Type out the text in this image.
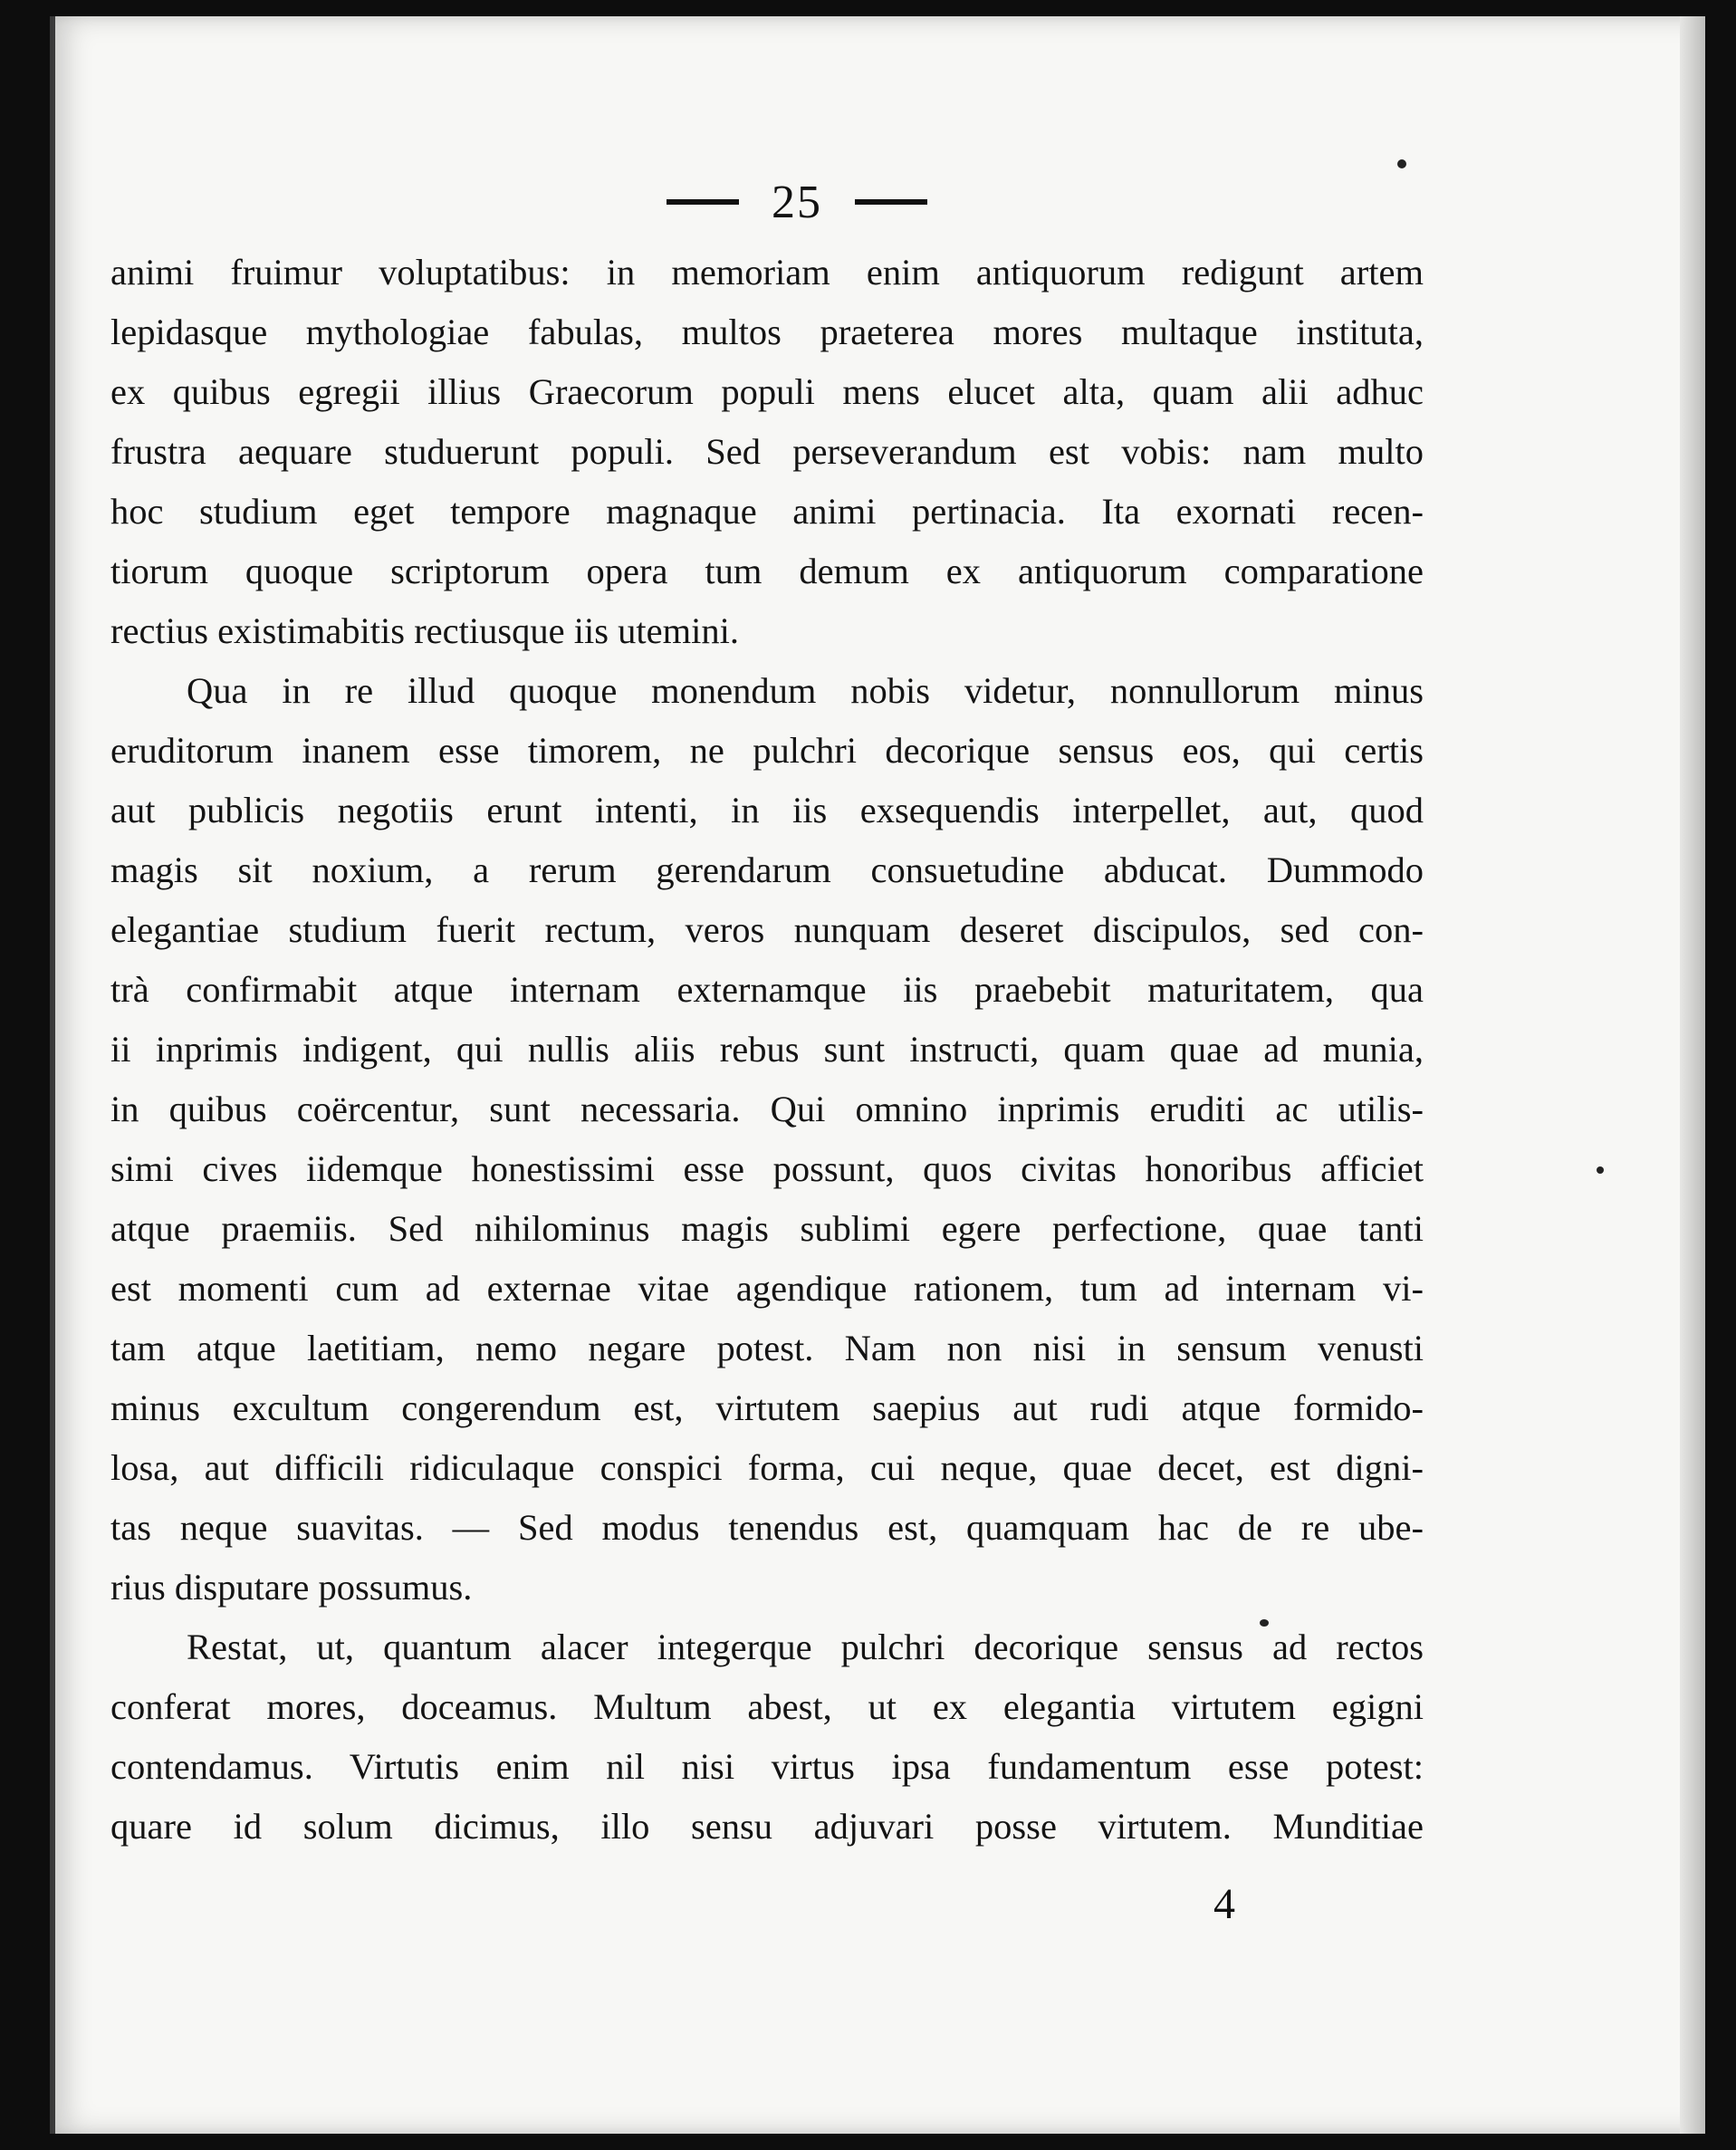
25

animi fruimur voluptatibus: in memoriam enim antiquorum redigunt artem
lepidasque mythologiae fabulas, multos praeterea mores multaque instituta,
ex quibus egregii illius Graecorum populi mens elucet alta, quam alii adhuc
frustra aequare studuerunt populi. Sed perseverandum est vobis: nam multo
hoc studium eget tempore magnaque animi pertinacia. Ita exornati recen-
tiorum quoque scriptorum opera tum demum ex antiquorum comparatione
rectius existimabitis rectiusque iis utemini.

Qua in re illud quoque monendum nobis videtur, nonnullorum minus
eruditorum inanem esse timorem, ne pulchri decorique sensus eos, qui certis
aut publicis negotiis erunt intenti, in iis exsequendis interpellet, aut, quod
magis sit noxium, a rerum gerendarum consuetudine abducat. Dummodo
elegantiae studium fuerit rectum, veros nunquam deseret discipulos, sed con-
trà confirmabit atque internam externamque iis praebebit maturitatem, qua
ii inprimis indigent, qui nullis aliis rebus sunt instructi, quam quae ad munia,
in quibus coërcentur, sunt necessaria. Qui omnino inprimis eruditi ac utilis-
simi cives iidemque honestissimi esse possunt, quos civitas honoribus afficiet
atque praemiis. Sed nihilominus magis sublimi egere perfectione, quae tanti
est momenti cum ad externae vitae agendique rationem, tum ad internam vi-
tam atque laetitiam, nemo negare potest. Nam non nisi in sensum venusti
minus excultum congerendum est, virtutem saepius aut rudi atque formido-
losa, aut difficili ridiculaque conspici forma, cui neque, quae decet, est digni-
tas neque suavitas. — Sed modus tenendus est, quamquam hac de re ube-
rius disputare possumus.

Restat, ut, quantum alacer integerque pulchri decorique sensus ad rectos
conferat mores, doceamus. Multum abest, ut ex elegantia virtutem egigni
contendamus. Virtutis enim nil nisi virtus ipsa fundamentum esse potest:
quare id solum dicimus, illo sensu adjuvari posse virtutem. Munditiae

4
